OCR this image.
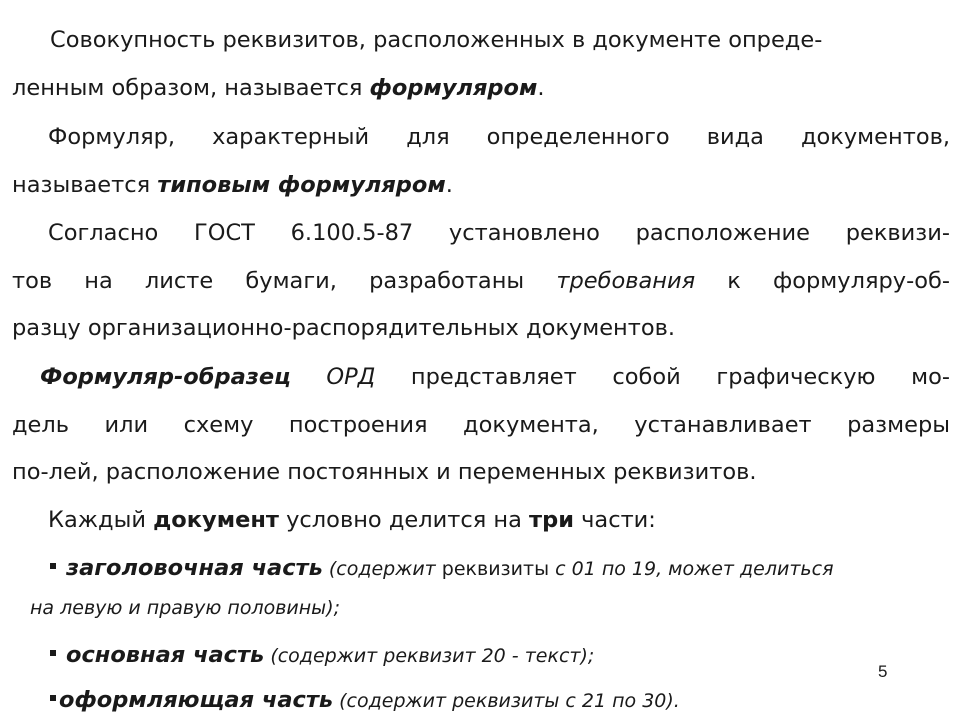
Совокупность реквизитов, расположенных в документе опреде-
ленным образом, называется формуляром.
Формуляр, характерный для определенного вида документов,
называется типовым формуляром.
Согласно ГОСТ 6.100.5-87 установлено расположение реквизи-
тов на листе бумаги, разработаны требования к формуляру-об-
разцу организационно-распорядительных документов.
Формуляр-образец ОРД представляет собой графическую мо-
дель или схему построения документа, устанавливает размеры
по-лей, расположение постоянных и переменных реквизитов.
Каждый документ условно делится на три части:
заголовочная часть (содержит реквизиты с 01 по 19, может делиться
на левую и правую половины);
основная часть (содержит реквизит 20 - текст);
оформляющая часть (содержит реквизиты с 21 по 30).
5
